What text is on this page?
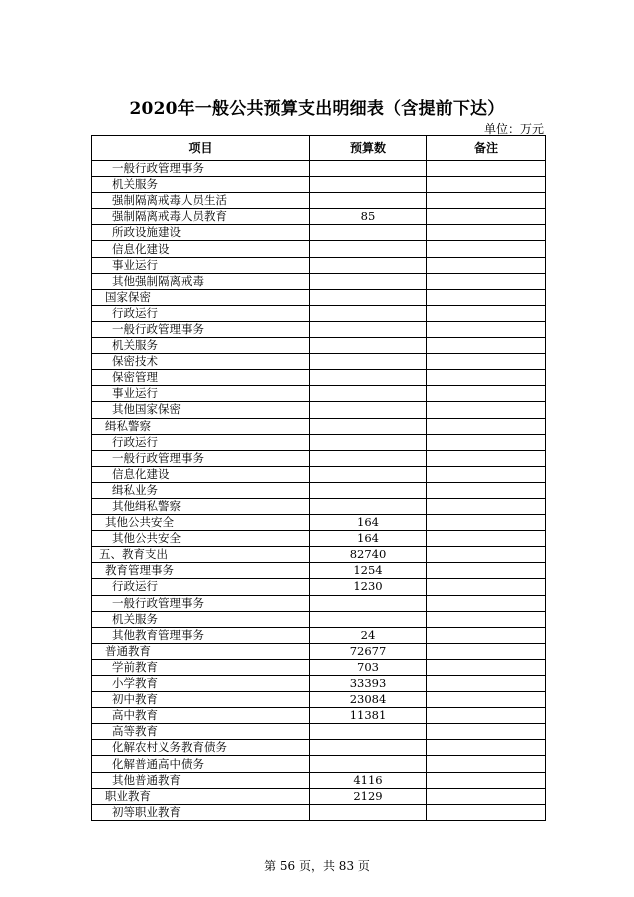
2020年一般公共预算支出明细表（含提前下达）
单位：万元
项目	预算数	备注
一般行政管理事务		
机关服务		
强制隔离戒毒人员生活		
强制隔离戒毒人员教育	85	
所政设施建设		
信息化建设		
事业运行		
其他强制隔离戒毒		
国家保密		
行政运行		
一般行政管理事务		
机关服务		
保密技术		
保密管理		
事业运行		
其他国家保密		
缉私警察		
行政运行		
一般行政管理事务		
信息化建设		
缉私业务		
其他缉私警察		
其他公共安全	164	
其他公共安全	164	
五、教育支出	82740	
教育管理事务	1254	
行政运行	1230	
一般行政管理事务		
机关服务		
其他教育管理事务	24	
普通教育	72677	
学前教育	703	
小学教育	33393	
初中教育	23084	
高中教育	11381	
高等教育		
化解农村义务教育债务		
化解普通高中债务		
其他普通教育	4116	
职业教育	2129	
初等职业教育		
第 56 页，共 83 页
